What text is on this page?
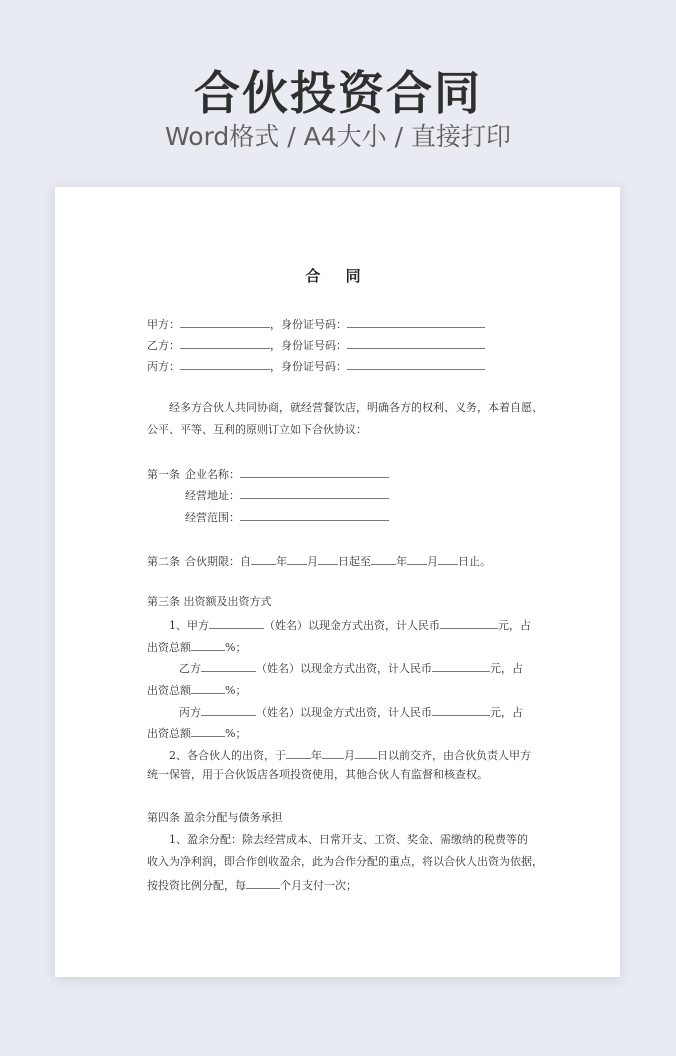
合伙投资合同
Word格式 / A4大小 / 直接打印
合 同
甲方：	，身份证号码：
乙方：	，身份证号码：
丙方：	，身份证号码：
经多方合伙人共同协商，就经营餐饮店，明确各方的权利、义务，本着自愿、
公平、平等、互利的原则订立如下合伙协议：
第一条 企业名称：
经营地址：
经营范围：
第二条 合伙期限：自 年 月 日起至 年 月 日止。
第三条 出资额及出资方式
1、甲方	（姓名）以现金方式出资，计人民币	元，占
出资总额	%；
乙方	（姓名）以现金方式出资，计人民币	元，占
出资总额	%；
丙方	（姓名）以现金方式出资，计人民币	元，占
出资总额	%；
2、各合伙人的出资，于 年 月 日以前交齐，由合伙负责人甲方
统一保管，用于合伙饭店各项投资使用，其他合伙人有监督和核查权。
第四条 盈余分配与债务承担
1、盈余分配：除去经营成本、日常开支、工资、奖金、需缴纳的税费等的
收入为净利润，即合作创收盈余，此为合作分配的重点，将以合伙人出资为依据，
按投资比例分配，每	个月支付一次；
